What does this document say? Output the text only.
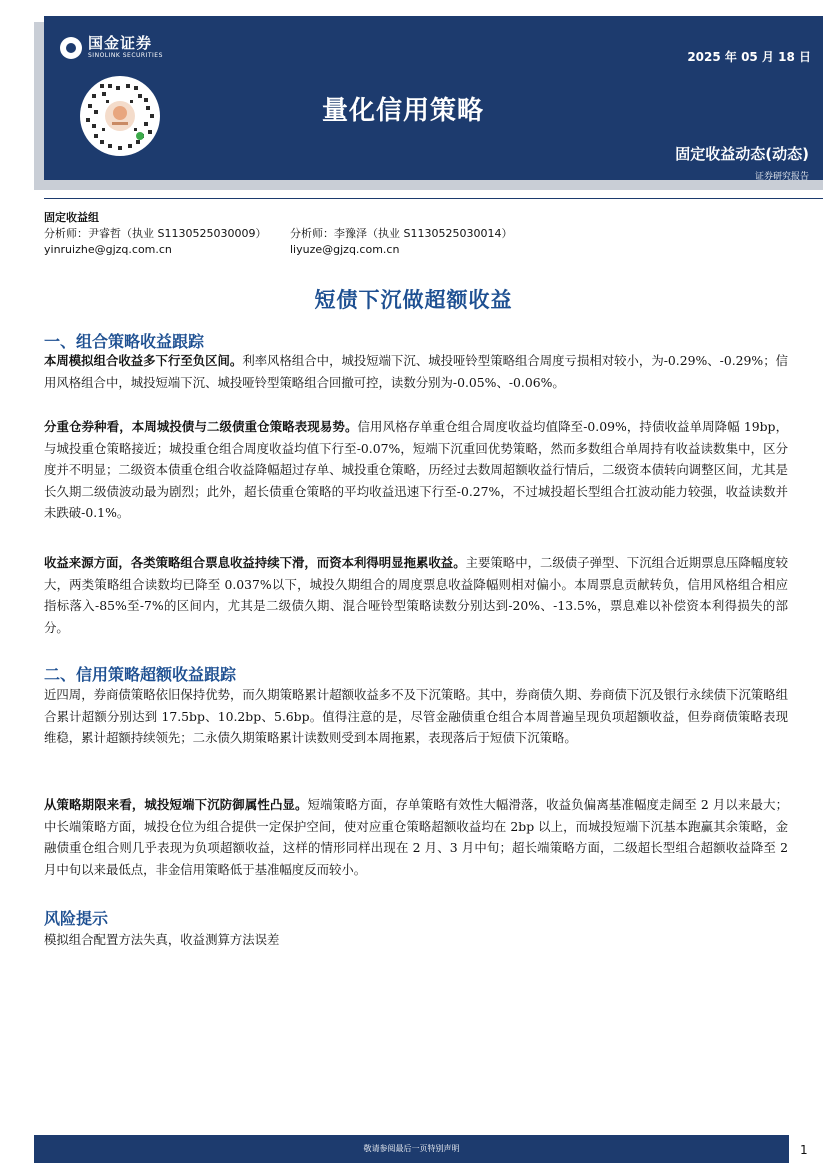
国金证券
SINOLINK SECURITIES	2025 年 05 月 18 日
量化信用策略
固定收益动态(动态)
证券研究报告
固定收益组
分析师：尹睿哲（执业 S1130525030009）	分析师：李豫泽（执业 S1130525030014）
yinruizhe@gjzq.com.cn	liyuze@gjzq.com.cn
短债下沉做超额收益
一、组合策略收益跟踪
本周模拟组合收益多下行至负区间。利率风格组合中，城投短端下沉、城投哑铃型策略组合周度亏损相对较小，为-0.29%、-0.29%；信用风格组合中，城投短端下沉、城投哑铃型策略组合回撤可控，读数分别为-0.05%、-0.06%。
分重仓券种看，本周城投债与二级债重仓策略表现易势。信用风格存单重仓组合周度收益均值降至-0.09%，持债收益单周降幅 19bp，与城投重仓策略接近；城投重仓组合周度收益均值下行至-0.07%，短端下沉重回优势策略，然而多数组合单周持有收益读数集中，区分度并不明显；二级资本债重仓组合收益降幅超过存单、城投重仓策略，历经过去数周超额收益行情后，二级资本债转向调整区间，尤其是长久期二级债波动最为剧烈；此外，超长债重仓策略的平均收益迅速下行至-0.27%，不过城投超长型组合扛波动能力较强，收益读数并未跌破-0.1%。
收益来源方面，各类策略组合票息收益持续下滑，而资本利得明显拖累收益。主要策略中，二级债子弹型、下沉组合近期票息压降幅度较大，两类策略组合读数均已降至 0.037%以下，城投久期组合的周度票息收益降幅则相对偏小。本周票息贡献转负，信用风格组合相应指标落入-85%至-7%的区间内，尤其是二级债久期、混合哑铃型策略读数分别达到-20%、-13.5%，票息难以补偿资本利得损失的部分。
二、信用策略超额收益跟踪
近四周，券商债策略依旧保持优势，而久期策略累计超额收益多不及下沉策略。其中，券商债久期、券商债下沉及银行永续债下沉策略组合累计超额分别达到 17.5bp、10.2bp、5.6bp。值得注意的是，尽管金融债重仓组合本周普遍呈现负项超额收益，但券商债策略表现维稳，累计超额持续领先；二永债久期策略累计读数则受到本周拖累，表现落后于短债下沉策略。
从策略期限来看，城投短端下沉防御属性凸显。短端策略方面，存单策略有效性大幅滑落，收益负偏离基准幅度走阔至 2 月以来最大；中长端策略方面，城投仓位为组合提供一定保护空间，使对应重仓策略超额收益均在 2bp 以上，而城投短端下沉基本跑赢其余策略，金融债重仓组合则几乎表现为负项超额收益，这样的情形同样出现在 2 月、3 月中旬；超长端策略方面，二级超长型组合超额收益降至 2 月中旬以来最低点，非金信用策略低于基准幅度反而较小。
风险提示
模拟组合配置方法失真，收益测算方法误差
敬请参阅最后一页特别声明	1
